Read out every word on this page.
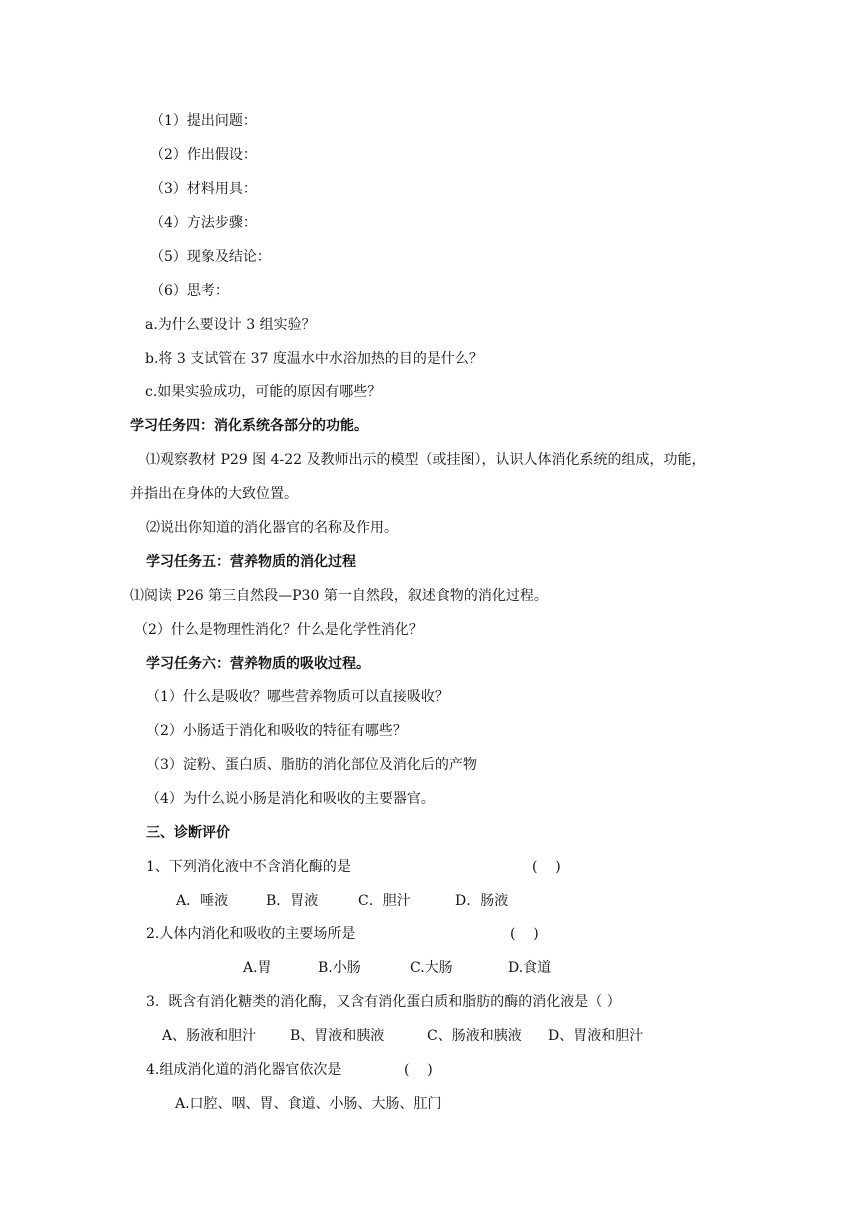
（1）提出问题：
（2）作出假设：
（3）材料用具：
（4）方法步骤：
（5）现象及结论：
（6）思考：
a.为什么要设计 3 组实验？
b.将 3 支试管在 37 度温水中水浴加热的目的是什么？
c.如果实验成功，可能的原因有哪些？
学习任务四：消化系统各部分的功能。
⑴观察教材 P29 图 4-22 及教师出示的模型（或挂图），认识人体消化系统的组成，功能，
并指出在身体的大致位置。
⑵说出你知道的消化器官的名称及作用。
学习任务五：营养物质的消化过程
⑴阅读 P26 第三自然段—P30 第一自然段，叙述食物的消化过程。
（2）什么是物理性消化？什么是化学性消化？
学习任务六：营养物质的吸收过程。
（1）什么是吸收？哪些营养物质可以直接吸收？
（2）小肠适于消化和吸收的特征有哪些？
（3）淀粉、蛋白质、脂肪的消化部位及消化后的产物
（4）为什么说小肠是消化和吸收的主要器官。
三、诊断评价
1、下列消化液中不含消化酶的是	(    )
A．唾液	B．胃液	C．胆汁	D．肠液
2.人体内消化和吸收的主要场所是	(    )
A.胃	B.小肠	C.大肠	D.食道
3.  既含有消化糖类的消化酶，又含有消化蛋白质和脂肪的酶的消化液是（ ）
A、肠液和胆汁 B、胃液和胰液	C、肠液和胰液 D、胃液和胆汁
4.组成消化道的消化器官依次是	(    )
A.口腔、咽、胃、食道、小肠、大肠、肛门
